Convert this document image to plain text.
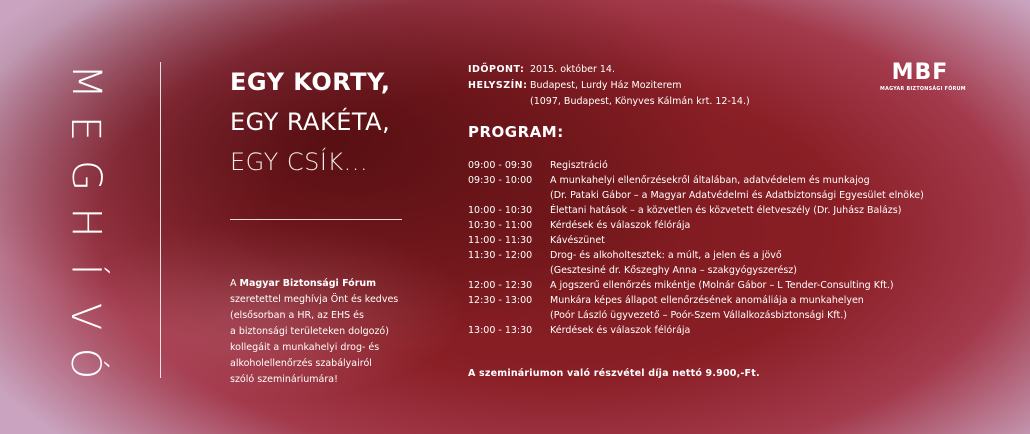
M
E
G
H
Í
V
Ó
EGY KORTY,
EGY RAKÉTA,
EGY CSÍK...
A Magyar Biztonsági Fórum
szeretettel meghívja Önt és kedves
(elsősorban a HR, az EHS és
a biztonsági területeken dolgozó)
kollegáit a munkahelyi drog- és
alkoholellenőrzés szabályairól
szóló szemináriumára!
IDŐPONT: 2015. október 14.
HELYSZÍN: Budapest, Lurdy Ház Moziterem
(1097, Budapest, Könyves Kálmán krt. 12-14.)
PROGRAM:
09:00 - 09:30	Regisztráció
09:30 - 10:00	A munkahelyi ellenőrzésekről általában, adatvédelem és munkajog
(Dr. Pataki Gábor – a Magyar Adatvédelmi és Adatbiztonsági Egyesület elnöke)
10:00 - 10:30	Élettani hatások – a közvetlen és közvetett életveszély (Dr. Juhász Balázs)
10:30 - 11:00	Kérdések és válaszok félórája
11:00 - 11:30	Kávészünet
11:30 - 12:00	Drog- és alkoholtesztek: a múlt, a jelen és a jövő
(Gesztesiné dr. Kőszeghy Anna – szakgyógyszerész)
12:00 - 12:30	A jogszerű ellenőrzés mikéntje (Molnár Gábor – L Tender-Consulting Kft.)
12:30 - 13:00	Munkára képes állapot ellenőrzésének anomáliája a munkahelyen
(Poór László ügyvezető – Poór-Szem Vállalkozásbiztonsági Kft.)
13:00 - 13:30	Kérdések és válaszok félórája
A szemináriumon való részvétel díja nettó 9.900,-Ft.
MBF
MAGYAR BIZTONSÁGI FÓRUM
